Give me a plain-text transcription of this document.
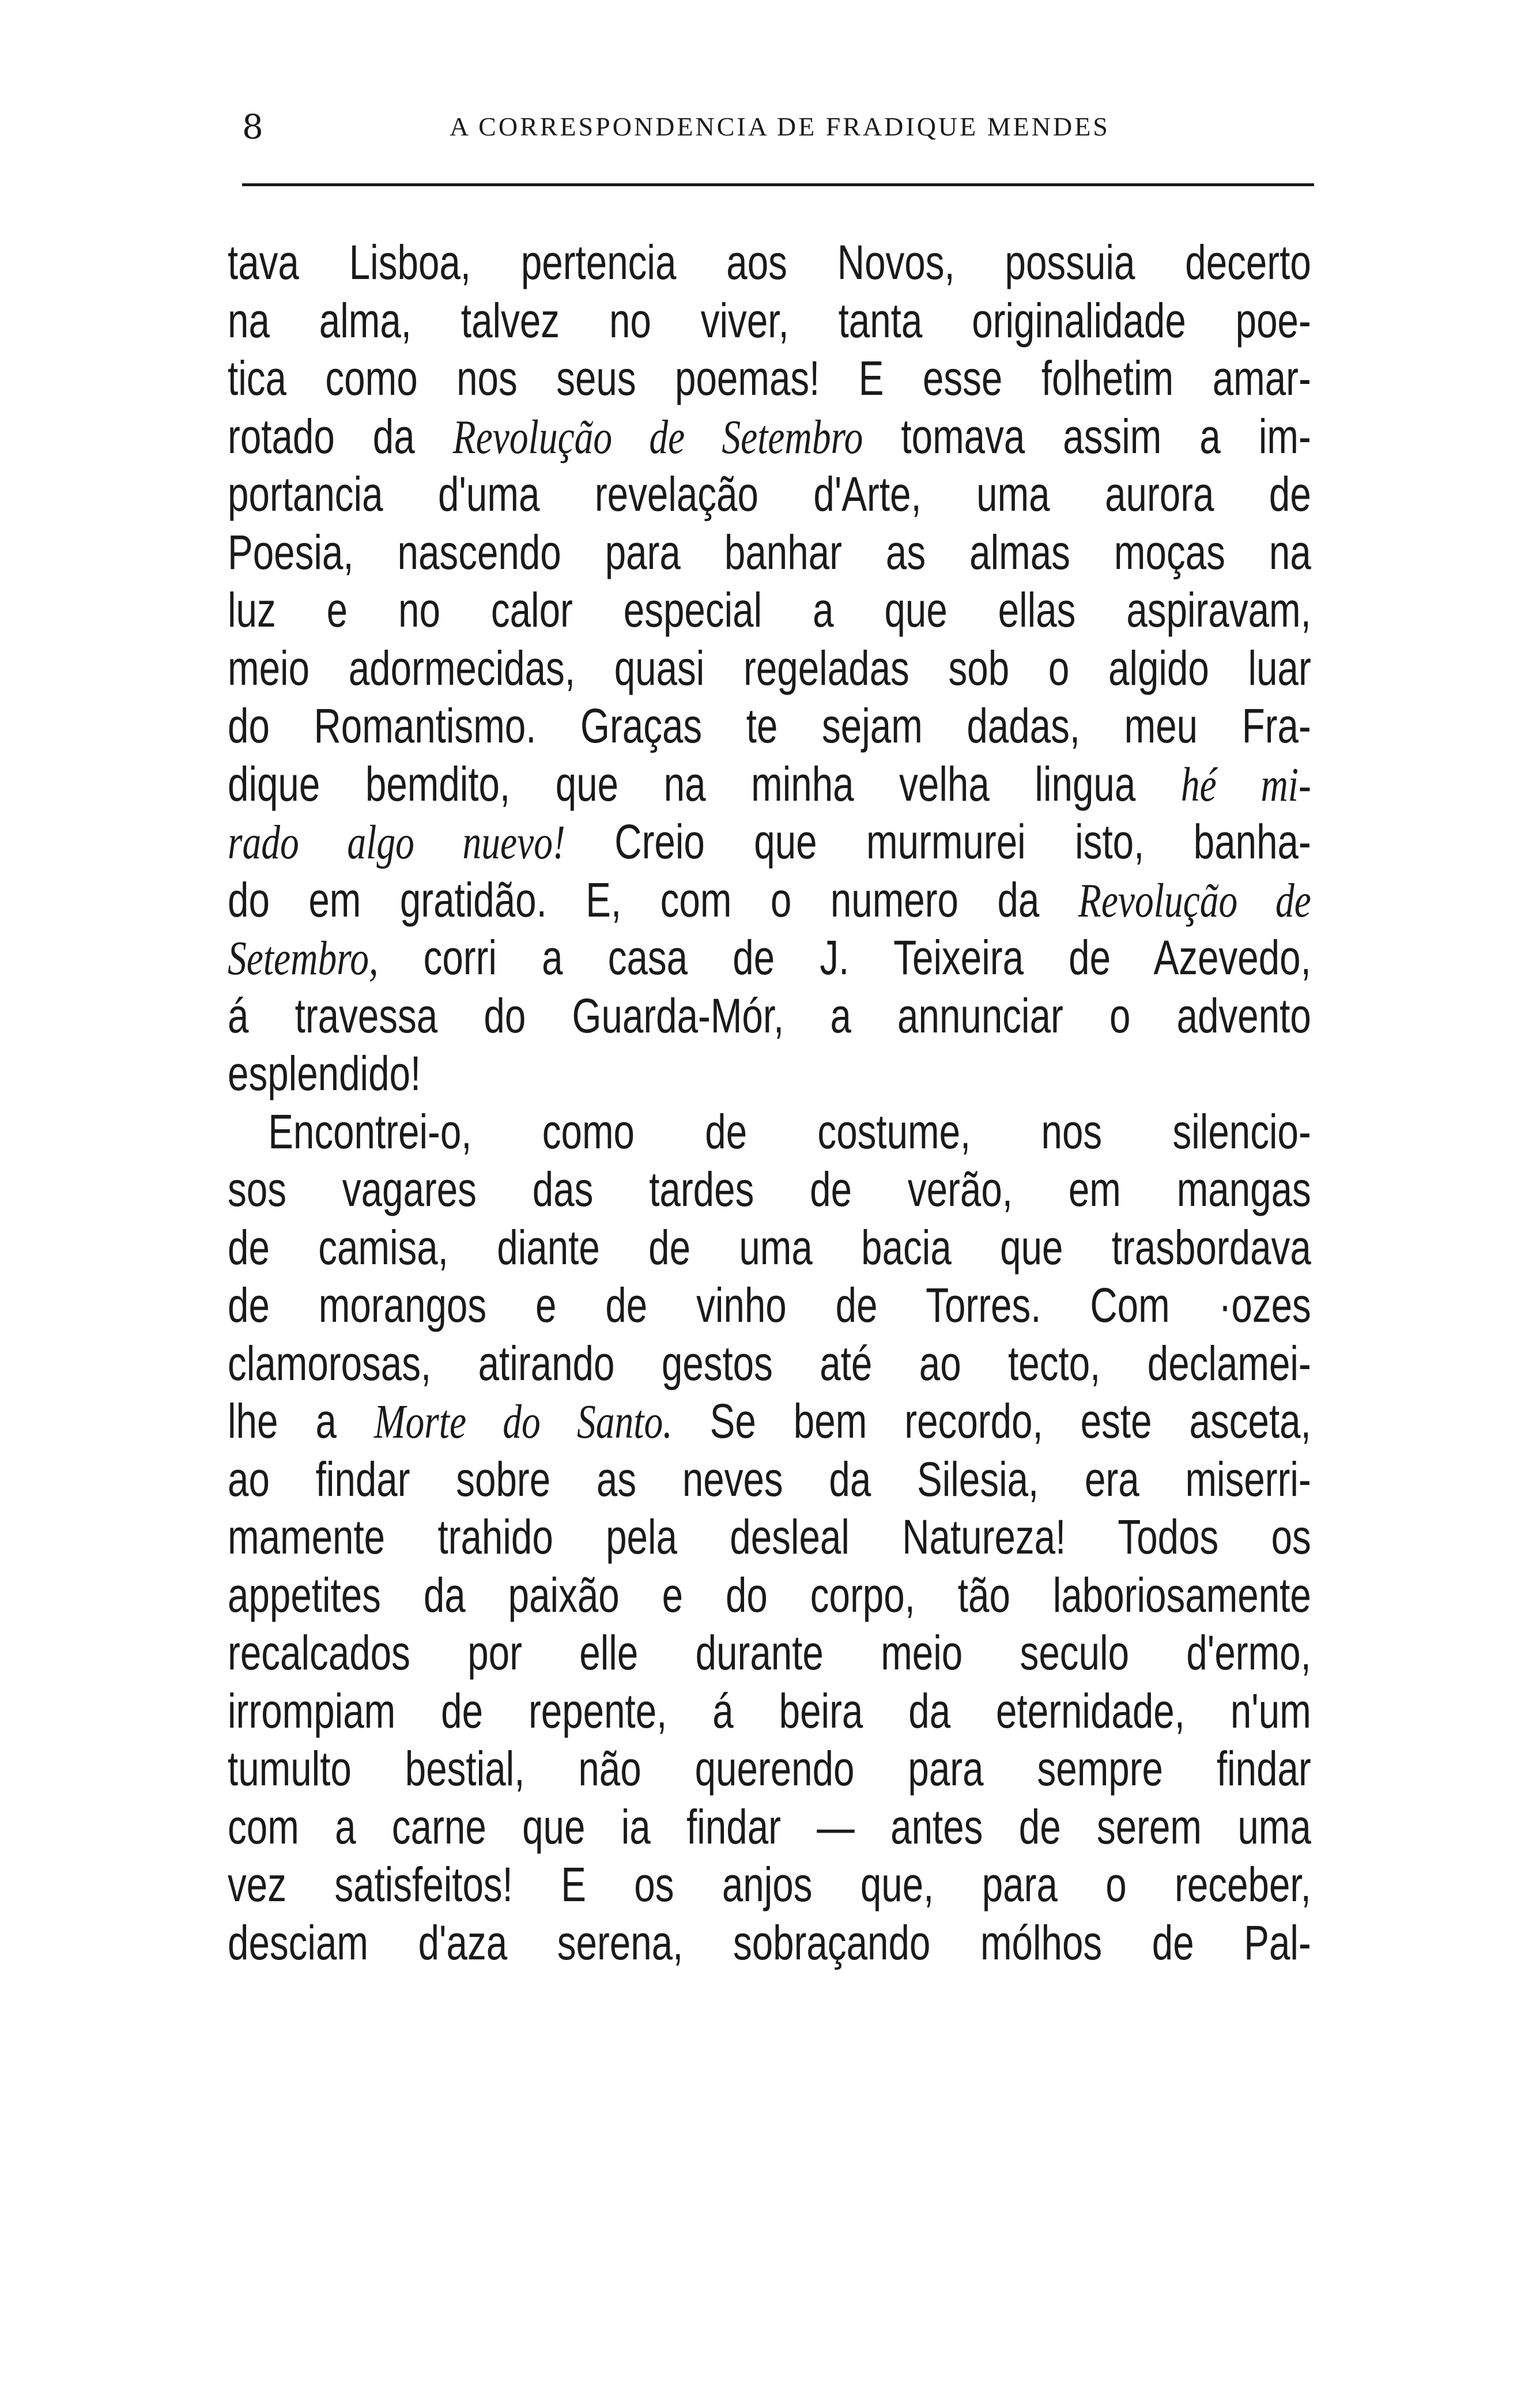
8	A CORRESPONDENCIA DE FRADIQUE MENDES
tava Lisboa, pertencia aos Novos, possuia decerto
na alma, talvez no viver, tanta originalidade poe-
tica como nos seus poemas! E esse folhetim amar-
rotado da Revolução de Setembro tomava assim a im-
portancia d'uma revelação d'Arte, uma aurora de
Poesia, nascendo para banhar as almas moças na
luz e no calor especial a que ellas aspiravam,
meio adormecidas, quasi regeladas sob o algido luar
do Romantismo. Graças te sejam dadas, meu Fra-
dique bemdito, que na minha velha lingua hé mi-
rado algo nuevo! Creio que murmurei isto, banha-
do em gratidão. E, com o numero da Revolução de
Setembro, corri a casa de J. Teixeira de Azevedo,
á travessa do Guarda-Mór, a annunciar o advento
esplendido!
Encontrei-o, como de costume, nos silencio-
sos vagares das tardes de verão, em mangas
de camisa, diante de uma bacia que trasbordava
de morangos e de vinho de Torres. Com ·ozes
clamorosas, atirando gestos até ao tecto, declamei-
lhe a Morte do Santo. Se bem recordo, este asceta,
ao findar sobre as neves da Silesia, era miserri-
mamente trahido pela desleal Natureza! Todos os
appetites da paixão e do corpo, tão laboriosamente
recalcados por elle durante meio seculo d'ermo,
irrompiam de repente, á beira da eternidade, n'um
tumulto bestial, não querendo para sempre findar
com a carne que ia findar — antes de serem uma
vez satisfeitos! E os anjos que, para o receber,
desciam d'aza serena, sobraçando mólhos de Pal-
